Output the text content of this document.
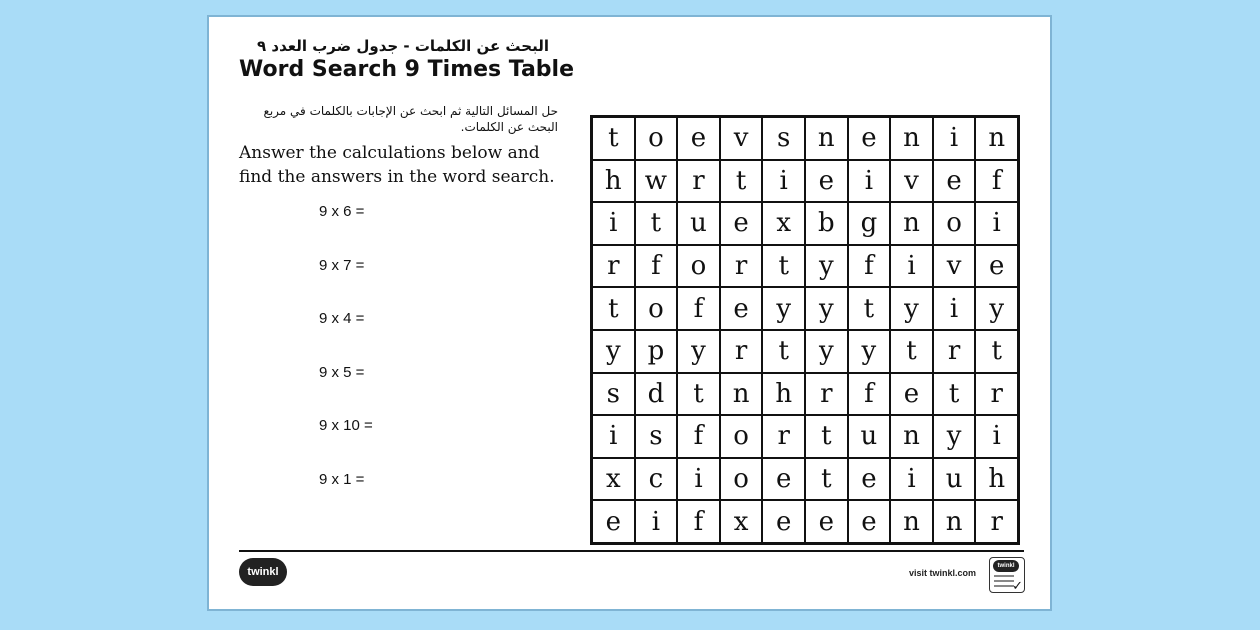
البحث عن الكلمات - جدول ضرب العدد ٩
Word Search 9 Times Table
حل المسائل التالية ثم ابحث عن الإجابات بالكلمات في مربع البحث عن الكلمات.
Answer the calculations below and find the answers in the word search.
9 x 6 =
9 x 7 =
9 x 4 =
9 x 5 =
9 x 10 =
9 x 1 =
t	o	e	v	s	n	e	n	i	n
h w r	t	i	e	i	v	e	f
i	t	u	e	x	b g n	o	i
r	f	o	r	t	y	f	i	v	e
t	o	f	e	y	y	t	y	i	y
y	p	y	r	t	y	y	t	r	t
s	d	t	n h	r	f	e	t	r
i	s	f	o	r	t	u n	y	i
x	c	i	o	e	t	e	i	u h
e	i	f	x	e	e	e	n n	r
twinkl	visit twinkl.com
twinkl
✓
